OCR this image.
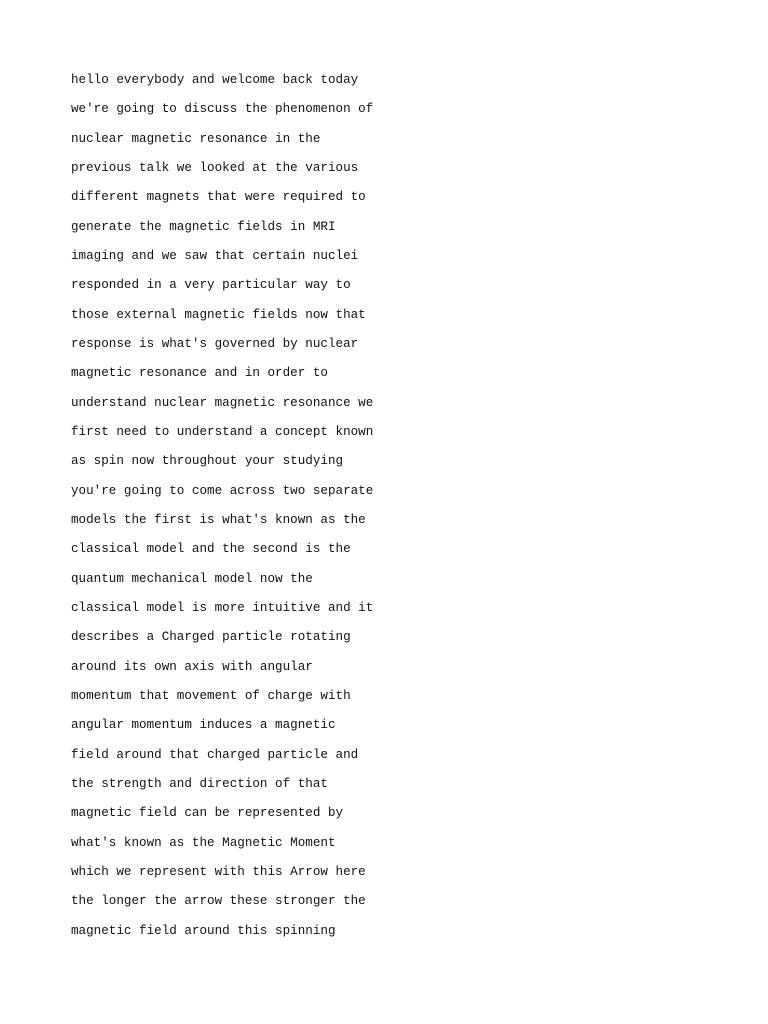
hello everybody and welcome back today
we're going to discuss the phenomenon of
nuclear magnetic resonance in the
previous talk we looked at the various
different magnets that were required to
generate the magnetic fields in MRI
imaging and we saw that certain nuclei
responded in a very particular way to
those external magnetic fields now that
response is what's governed by nuclear
magnetic resonance and in order to
understand nuclear magnetic resonance we
first need to understand a concept known
as spin now throughout your studying
you're going to come across two separate
models the first is what's known as the
classical model and the second is the
quantum mechanical model now the
classical model is more intuitive and it
describes a Charged particle rotating
around its own axis with angular
momentum that movement of charge with
angular momentum induces a magnetic
field around that charged particle and
the strength and direction of that
magnetic field can be represented by
what's known as the Magnetic Moment
which we represent with this Arrow here
the longer the arrow these stronger the
magnetic field around this spinning
